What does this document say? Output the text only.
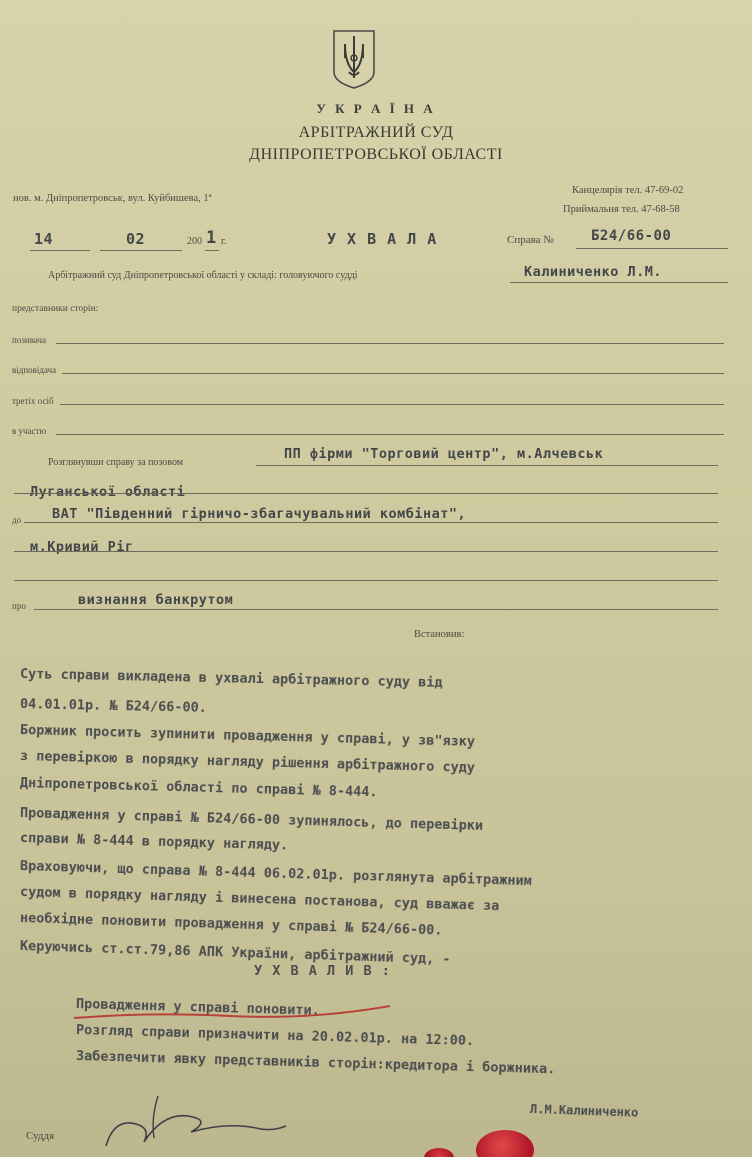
У К Р А Ї Н А
АРБІТРАЖНИЙ СУД
ДНІПРОПЕТРОВСЬКОЇ ОБЛАСТІ
нов. м. Дніпропетровськ, вул. Куйбишева, 1ª
Канцелярія тел. 47-69-02
Приймальня тел. 47-68-58
14	02	200 1 г.	У Х В А Л А	Справа №	Б24/66-00
Арбітражний суд Дніпропетровської області у складі: головуючого судді	Калиниченко Л.М.
представники сторін:
позивача
відповідача
третіх осіб
в участю
Розглянувши справу за позовом
ПП фірми "Торговий центр", м.Алчевськ
Луганської області
до ВАТ "Південний гірничо-збагачувальний комбінат",
м.Кривий Ріг
про	визнання банкрутом
Встановив:
Суть справи викладена в ухвалі арбітражного суду від
04.01.01р. № Б24/66-00.
Боржник просить зупинити провадження у справі, у зв"язку
з перевіркою в порядку нагляду рішення арбітражного суду
Дніпропетровської області по справі № 8-444.
Провадження у справі № Б24/66-00 зупинялось, до перевірки
справи № 8-444 в порядку нагляду.
Враховуючи, що справа № 8-444 06.02.01р. розглянута арбітражним
судом в порядку нагляду і винесена постанова, суд вважає за
необхідне поновити провадження у справі № Б24/66-00.
Керуючись ст.ст.79,86 АПК України, арбітражний суд, -
У Х В А Л И В :
Провадження у справі поновити.
Розгляд справи призначити на 20.02.01р. на 12:00.
Забезпечити явку представників сторін:кредитора і боржника.
Суддя
Л.М.Калиниченко
